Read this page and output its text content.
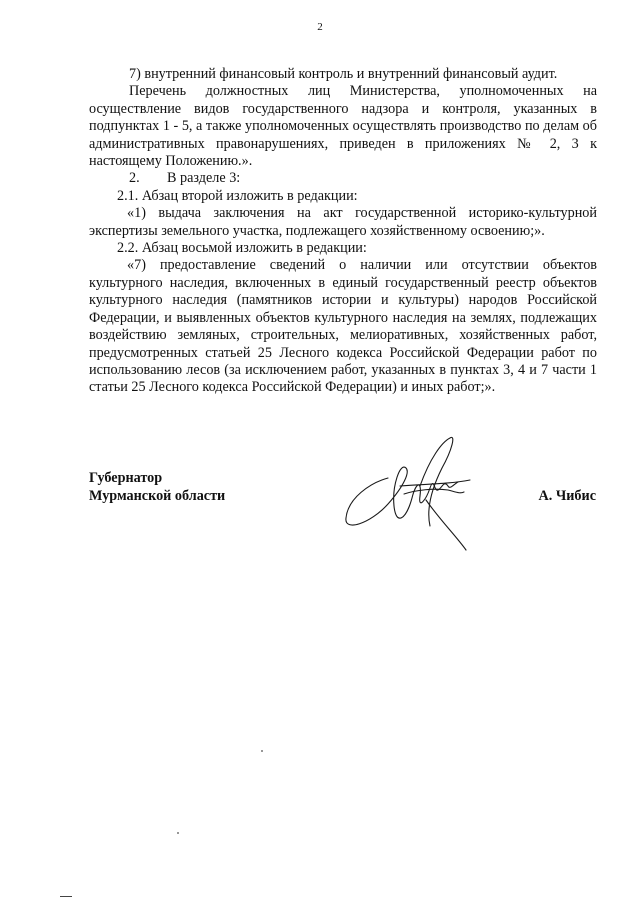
2

7) внутренний финансовый контроль и внутренний финансовый аудит.

Перечень должностных лиц Министерства, уполномоченных на осуществление видов государственного надзора и контроля, указанных в подпунктах 1 - 5, а также уполномоченных осуществлять производство по делам об административных правонарушениях, приведен в приложениях № 2, 3 к настоящему Положению.».

2. В разделе 3:

2.1. Абзац второй изложить в редакции:

«1) выдача заключения на акт государственной историко-культурной экспертизы земельного участка, подлежащего хозяйственному освоению;».

2.2. Абзац восьмой изложить в редакции:

«7) предоставление сведений о наличии или отсутствии объектов культурного наследия, включенных в единый государственный реестр объектов культурного наследия (памятников истории и культуры) народов Российской Федерации, и выявленных объектов культурного наследия на землях, подлежащих воздействию земляных, строительных, мелиоративных, хозяйственных работ, предусмотренных статьей 25 Лесного кодекса Российской Федерации работ по использованию лесов (за исключением работ, указанных в пунктах 3, 4 и 7 части 1 статьи 25 Лесного кодекса Российской Федерации) и иных работ;».

Губернатор
Мурманской области	А. Чибис
